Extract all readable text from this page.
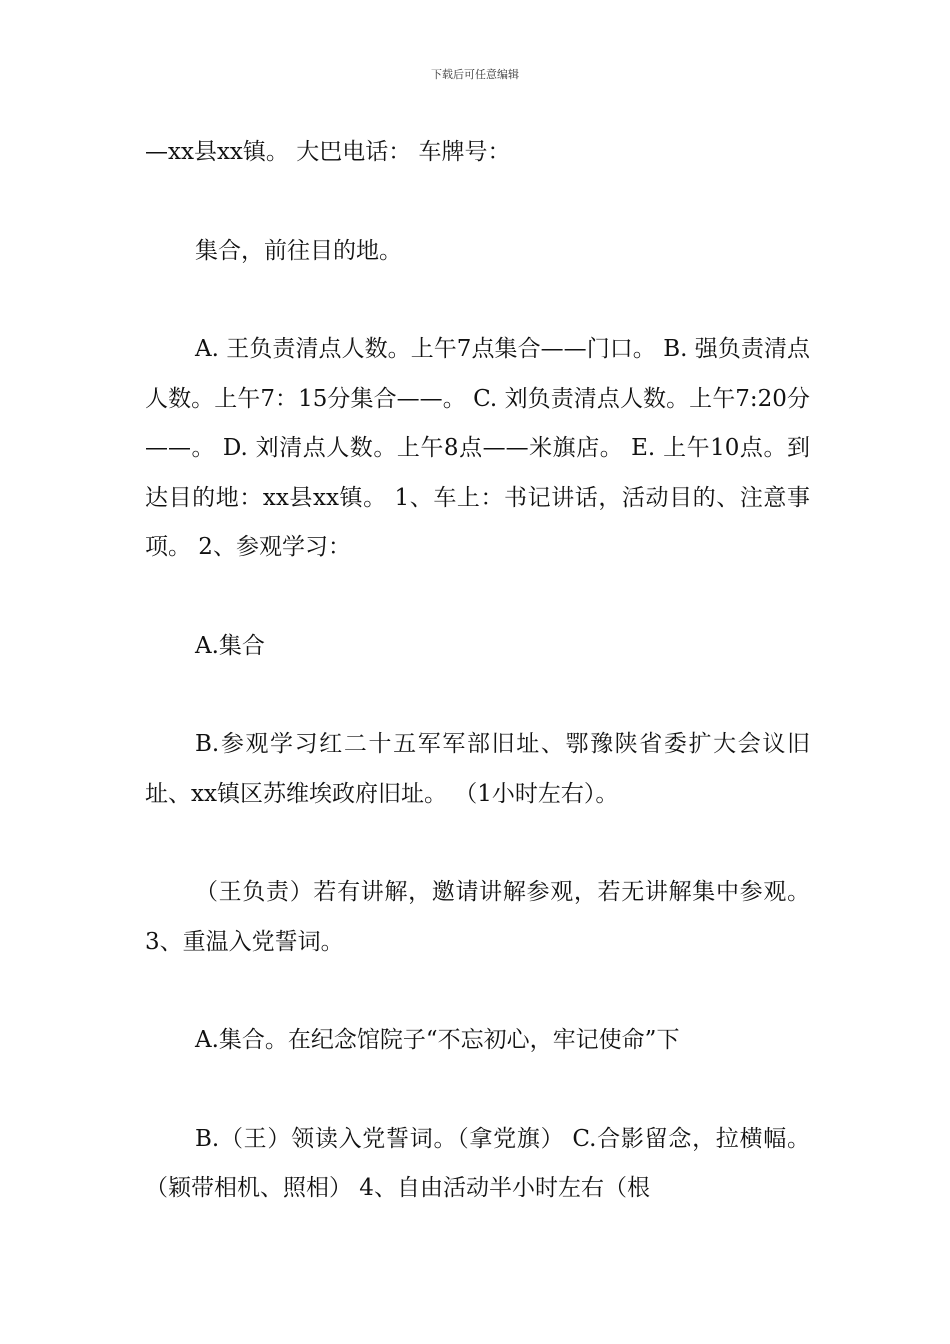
下载后可任意编辑

—xx县xx镇。 大巴电话： 车牌号：

集合，前往目的地。

A. 王负责清点人数。上午7点集合——门口。 B. 强负责清点人数。上午7：15分集合——。 C. 刘负责清点人数。上午7:20分——。 D. 刘清点人数。上午8点——米旗店。 E. 上午10点。到达目的地：xx县xx镇。 1、车上：书记讲话，活动目的、注意事项。 2、参观学习：

A.集合

B.参观学习红二十五军军部旧址、鄂豫陕省委扩大会议旧址、xx镇区苏维埃政府旧址。 （1小时左右）。

（王负责）若有讲解，邀请讲解参观，若无讲解集中参观。 3、重温入党誓词。

A.集合。在纪念馆院子“不忘初心，牢记使命”下

B.（王）领读入党誓词。（拿党旗） C.合影留念，拉横幅。（颖带相机、照相） 4、自由活动半小时左右（根
